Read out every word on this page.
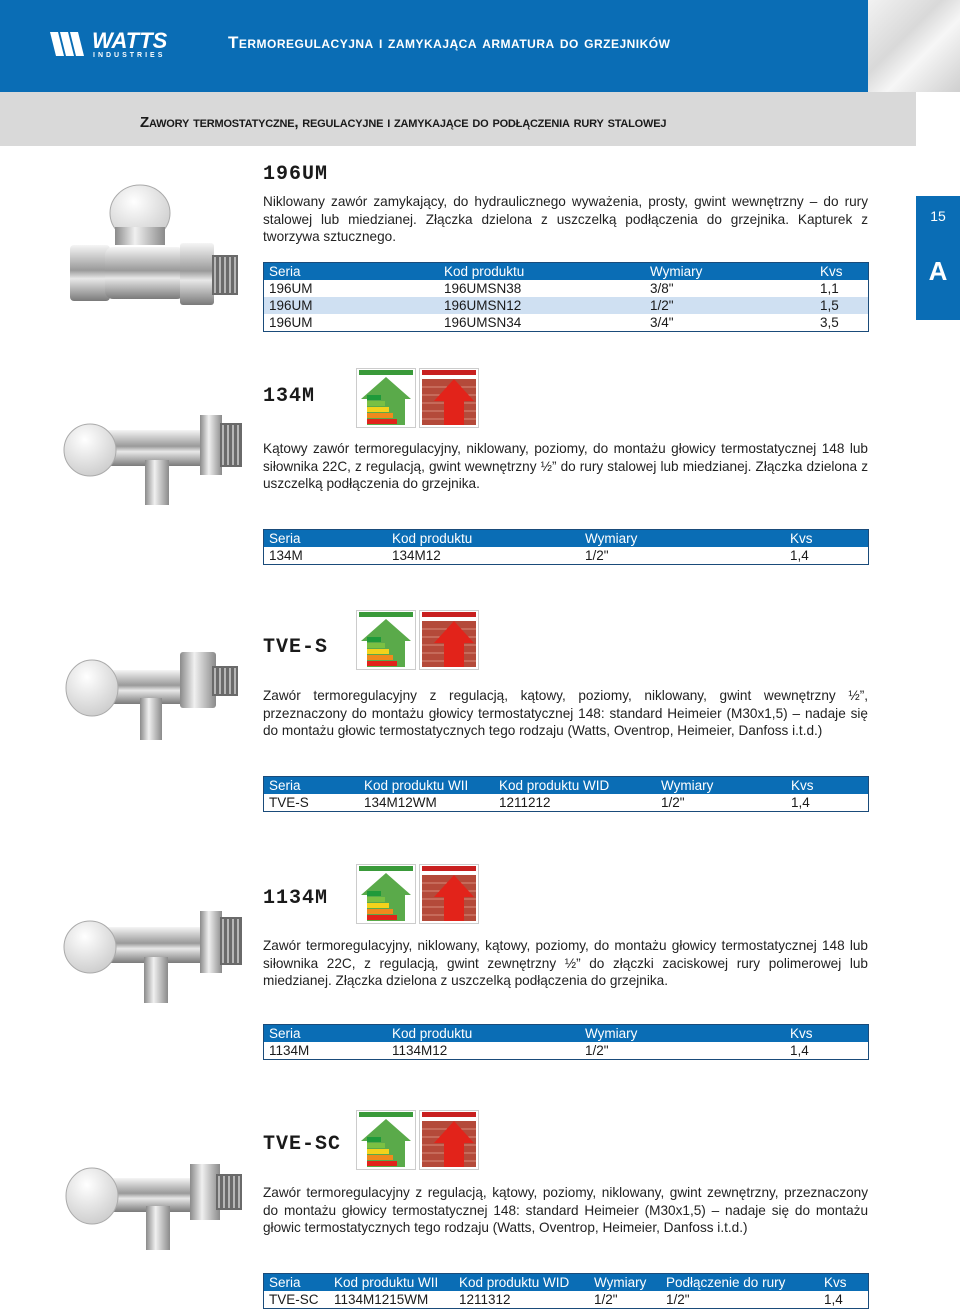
WATTS
INDUSTRIES
Termoregulacyjna i zamykająca armatura do grzejników
Zawory termostatyczne, regulacyjne i zamykające do podłączenia rury stalowej
15
A
196UM
Niklowany zawór zamykający, do hydraulicznego wyważenia, prosty, gwint wewnętrzny – do rury stalowej lub miedzianej. Złączka dzielona z uszczelką podłączenia do grzejnika. Kapturek z tworzywa sztucznego.
Seria	Kod produktu	Wymiary	Kvs
196UM	196UMSN38	3/8"	1,1
196UM	196UMSN12	1/2"	1,5
196UM	196UMSN34	3/4"	3,5
134M
Kątowy zawór termoregulacyjny, niklowany, poziomy, do montażu głowicy termostatycznej 148 lub siłownika 22C, z regulacją, gwint wewnętrzny ½” do rury stalowej lub miedzianej. Złączka dzielona z uszczelką podłączenia do grzejnika.
Seria	Kod produktu	Wymiary	Kvs
134M	134M12	1/2"	1,4
TVE-S
Zawór termoregulacyjny z regulacją, kątowy, poziomy, niklowany, gwint wewnętrzny ½”, przeznaczony do montażu głowicy termostatycznej 148: standard Heimeier (M30x1,5) – nadaje się do montażu głowic termostatycznych tego rodzaju (Watts, Oventrop, Heimeier, Danfoss i.t.d.)
Seria	Kod produktu WII	Kod produktu WID	Wymiary	Kvs
TVE-S	134M12WM	1211212	1/2"	1,4
1134M
Zawór termoregulacyjny, niklowany, kątowy, poziomy, do montażu głowicy termostatycznej 148 lub siłownika 22C, z regulacją, gwint zewnętrzny ½” do złączki zaciskowej rury polimerowej lub miedzianej. Złączka dzielona z uszczelką podłączenia do grzejnika.
Seria	Kod produktu	Wymiary	Kvs
1134M	1134M12	1/2"	1,4
TVE-SC
Zawór termoregulacyjny z regulacją, kątowy, poziomy, niklowany, gwint zewnętrzny, przeznaczony do montażu głowicy termostatycznej 148: standard Heimeier (M30x1,5) – nadaje się do montażu głowic termostatycznych tego rodzaju (Watts, Oventrop, Heimeier, Danfoss i.t.d.)
Seria	Kod produktu WII	Kod produktu WID	Wymiary	Podłączenie do rury	Kvs
TVE-SC	1134M1215WM	1211312	1/2"	1/2"	1,4
